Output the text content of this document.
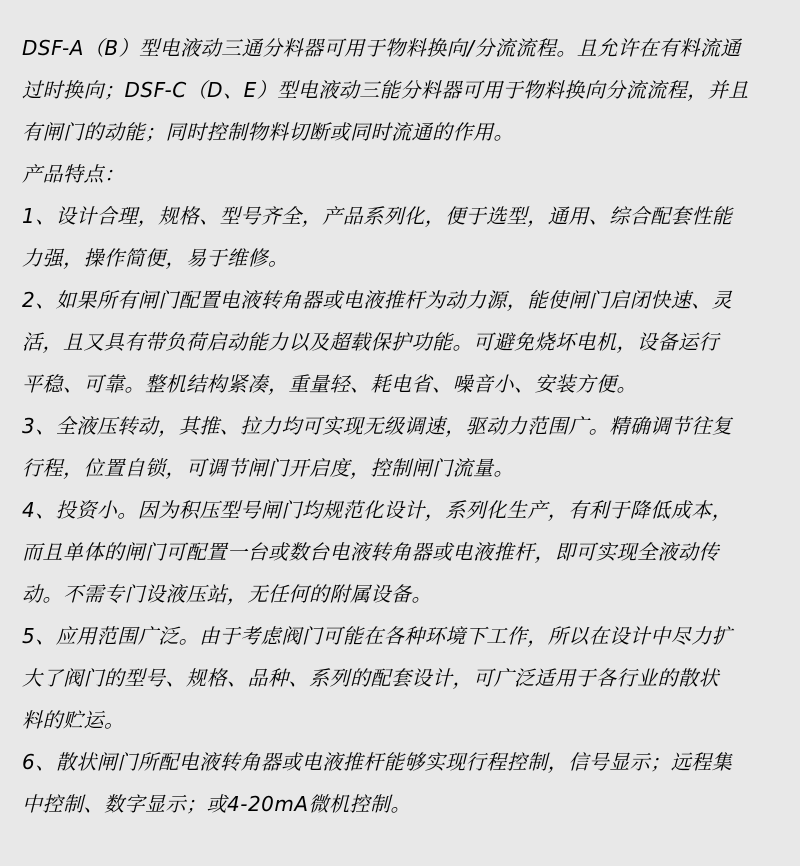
DSF-A（B）型电液动三通分料器可用于物料换向/分流流程。且允许在有料流通
过时换向；DSF-C（D、E）型电液动三能分料器可用于物料换向分流流程，并且
有闸门的动能；同时控制物料切断或同时流通的作用。
产品特点：
1、设计合理，规格、型号齐全，产品系列化，便于选型，通用、综合配套性能
力强，操作简便，易于维修。
2、如果所有闸门配置电液转角器或电液推杆为动力源，能使闸门启闭快速、灵
活，且又具有带负荷启动能力以及超载保护功能。可避免烧坏电机，设备运行
平稳、可靠。整机结构紧凑，重量轻、耗电省、噪音小、安装方便。
3、全液压转动，其推、拉力均可实现无级调速，驱动力范围广。精确调节往复
行程，位置自锁，可调节闸门开启度，控制闸门流量。
4、投资小。因为积压型号闸门均规范化设计，系列化生产，有利于降低成本，
而且单体的闸门可配置一台或数台电液转角器或电液推杆，即可实现全液动传
动。不需专门设液压站，无任何的附属设备。
5、应用范围广泛。由于考虑阀门可能在各种环境下工作，所以在设计中尽力扩
大了阀门的型号、规格、品种、系列的配套设计，可广泛适用于各行业的散状
料的贮运。
6、散状闸门所配电液转角器或电液推杆能够实现行程控制，信号显示；远程集
中控制、数字显示；或4-20mA微机控制。
